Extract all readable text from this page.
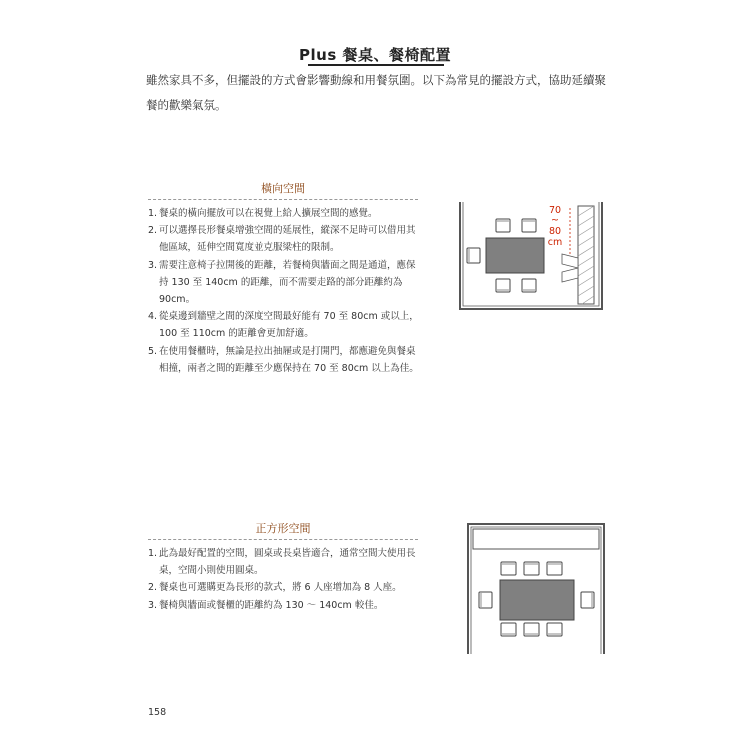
Plus 餐桌、餐椅配置
雖然家具不多，但擺設的方式會影響動線和用餐氛圍。以下為常見的擺設方式，協助延續聚餐的歡樂氣氛。
橫向空間
1. 餐桌的橫向擺放可以在視覺上給人擴展空間的感覺。
2. 可以選擇長形餐桌增強空間的延展性，縱深不足時可以借用其他區域，延伸空間寬度並克服梁柱的限制。
3. 需要注意椅子拉開後的距離，若餐椅與牆面之間是通道，應保持 130 至 140cm 的距離，而不需要走路的部分距離約為 90cm。
4. 從桌邊到牆壁之間的深度空間最好能有 70 至 80cm 或以上，100 至 110cm 的距離會更加舒適。
5. 在使用餐櫃時，無論是拉出抽屜或是打開門，都應避免與餐桌相撞，兩者之間的距離至少應保持在 70 至 80cm 以上為佳。
70
~
80
cm
正方形空間
1. 此為最好配置的空間，圓桌或長桌皆適合，通常空間大使用長桌，空間小則使用圓桌。
2. 餐桌也可選購更為長形的款式，將 6 人座增加為 8 人座。
3. 餐椅與牆面或餐櫃的距離約為 130 ～ 140cm 較佳。
158
